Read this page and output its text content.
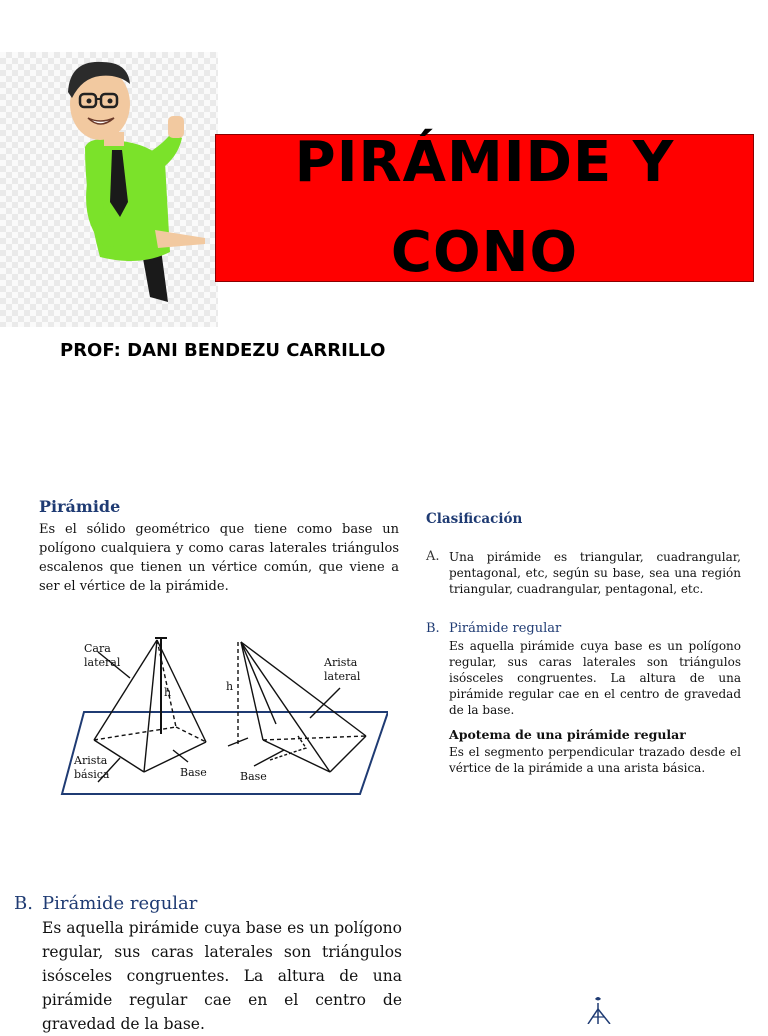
PIRÁMIDE Y CONO
PROF: DANI BENDEZU CARRILLO
Pirámide
Es el sólido geométrico que tiene como base un polígono cualquiera y como caras laterales triángulos escalenos que tienen un vértice común, que viene a ser el vértice de la pirámide.
Cara
lateral
h	h
Arista
lateral
Arista
básica	Base	Base
Clasificación
A. Una pirámide es triangular, cuadrangular, pentagonal, etc, según su base, sea una región triangular, cuadrangular, pentagonal, etc.
B. Pirámide regular
Es aquella pirámide cuya base es un polígono regular, sus caras laterales son triángulos isósceles congruentes. La altura de una pirámide regular cae en el centro de gravedad de la base.
Apotema de una pirámide regular
Es el segmento perpendicular trazado desde el vértice de la pirámide a una arista básica.
B. Pirámide regular
Es aquella pirámide cuya base es un polígono regular, sus caras laterales son triángulos isósceles congruentes. La altura de una pirámide regular cae en el centro de gravedad de la base.
